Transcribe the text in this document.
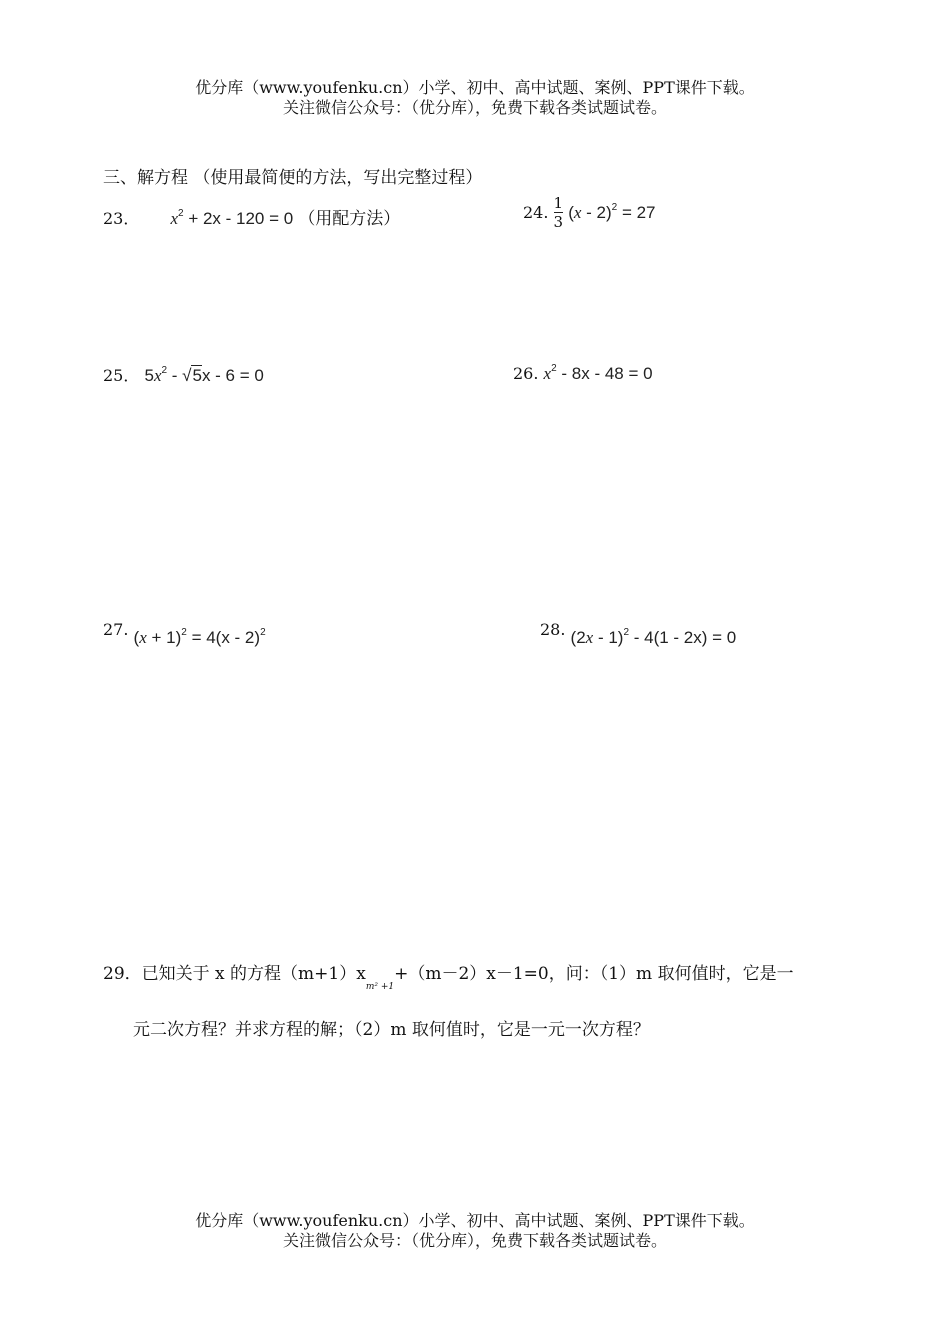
优分库（www.youfenku.cn）小学、初中、高中试题、案例、PPT课件下载。
关注微信公众号：（优分库），免费下载各类试题试卷。
三、解方程 （使用最简便的方法，写出完整过程）
23． $x^2 + 2x - 120 = 0$ （用配方法）	24. $\frac{1}{3} (x - 2)^2 = 27$
25． $5x^2 - √5x - 6 = 0$	26. $x^2 - 8x - 48 = 0$
27. $(x + 1)^2 = 4(x - 2)^2$	28. (2x - 1)$^2$ - 4(1 - 2x) = 0
29．已知关于 x 的方程$(m+1)x_{m^2 +1}+(m-2)x-1=0$，问：（1）m 取何值时，它是一
元二次方程？并求方程的解；（2）m 取何值时，它是一元一次方程？
优分库（www.youfenku.cn）小学、初中、高中试题、案例、PPT课件下载。
关注微信公众号：（优分库），免费下载各类试题试卷。
